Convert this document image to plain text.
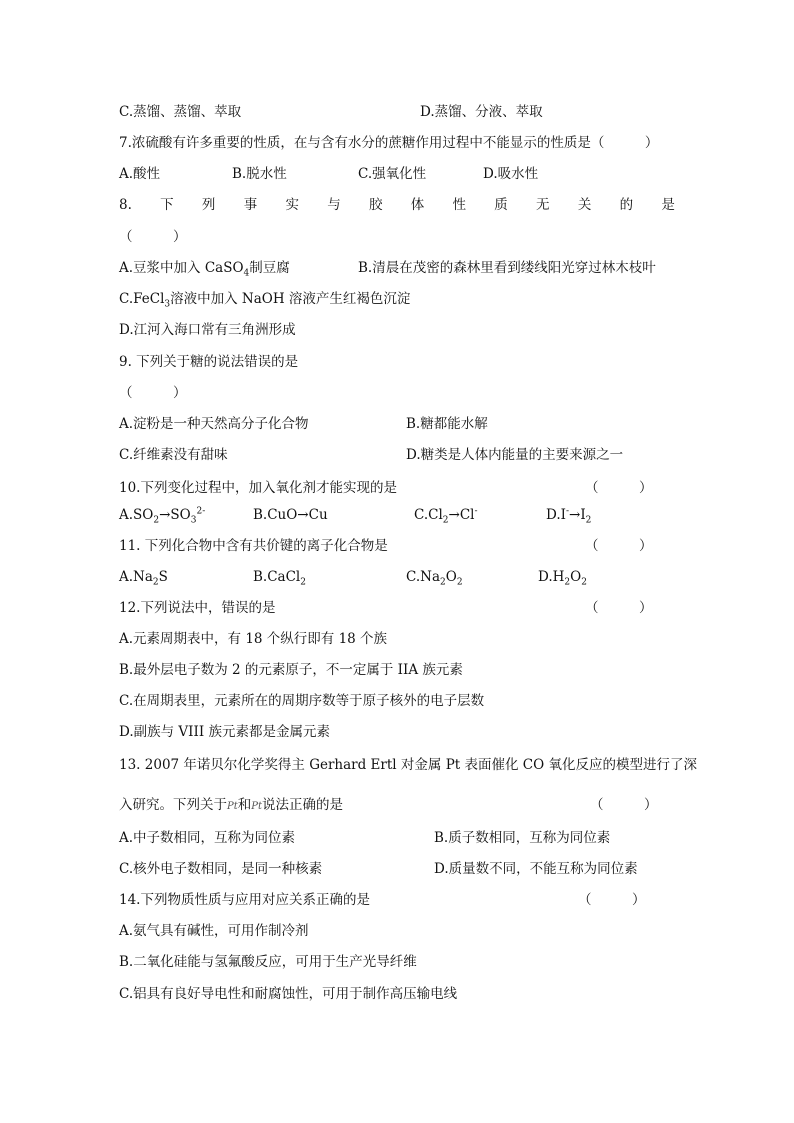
C.蒸馏、蒸馏、萃取	D.蒸馏、分液、萃取
7.浓硫酸有许多重要的性质，在与含有水分的蔗糖作用过程中不能显示的性质是（　　　）
A.酸性	B.脱水性	C.强氧化性	D.吸水性
8. 下 列 事 实 与 胶 体 性 质 无 关 的 是
（　　　）
A.豆浆中加入 CaSO$_4$制豆腐	B.清晨在茂密的森林里看到缕线阳光穿过林木枝叶
C.FeCl$_3$溶液中加入 NaOH 溶液产生红褐色沉淀
D.江河入海口常有三角洲形成
9. 下列关于糖的说法错误的是
（　　　）
A.淀粉是一种天然高分子化合物	B.糖都能水解
C.纤维素没有甜味	D.糖类是人体内能量的主要来源之一
10.下列变化过程中，加入氧化剂才能实现的是	（　　　）
$A.SO_2\to SO_3^{2-}$	B.CuO→Cu	$C.Cl_2\to Cl^-$	$D.I^-\to I_2$
11. 下列化合物中含有共价键的离子化合物是	（　　　）
$A.Na_2S$	B.CaCl$_2$	$C.Na_2O_2$	$D.H_2O_2$
12.下列说法中，错误的是	（　　　）
A.元素周期表中，有 18 个纵行即有 18 个族
B.最外层电子数为 2 的元素原子，不一定属于 IIA 族元素
C.在周期表里，元素所在的周期序数等于原子核外的电子层数
D.副族与 VIII 族元素都是金属元素
13. 2007 年诺贝尔化学奖得主 Gerhard Ertl 对金属 Pt 表面催化 CO 氧化反应的模型进行了深
入研究。下列关于Pt和Pt说法正确的是	（　　　）
A.中子数相同，互称为同位素	B.质子数相同，互称为同位素
C.核外电子数相同，是同一种核素	D.质量数不同，不能互称为同位素
14.下列物质性质与应用对应关系正确的是	（　　　）
A.氨气具有碱性，可用作制冷剂
B.二氧化硅能与氢氟酸反应，可用于生产光导纤维
C.铝具有良好导电性和耐腐蚀性，可用于制作高压输电线
